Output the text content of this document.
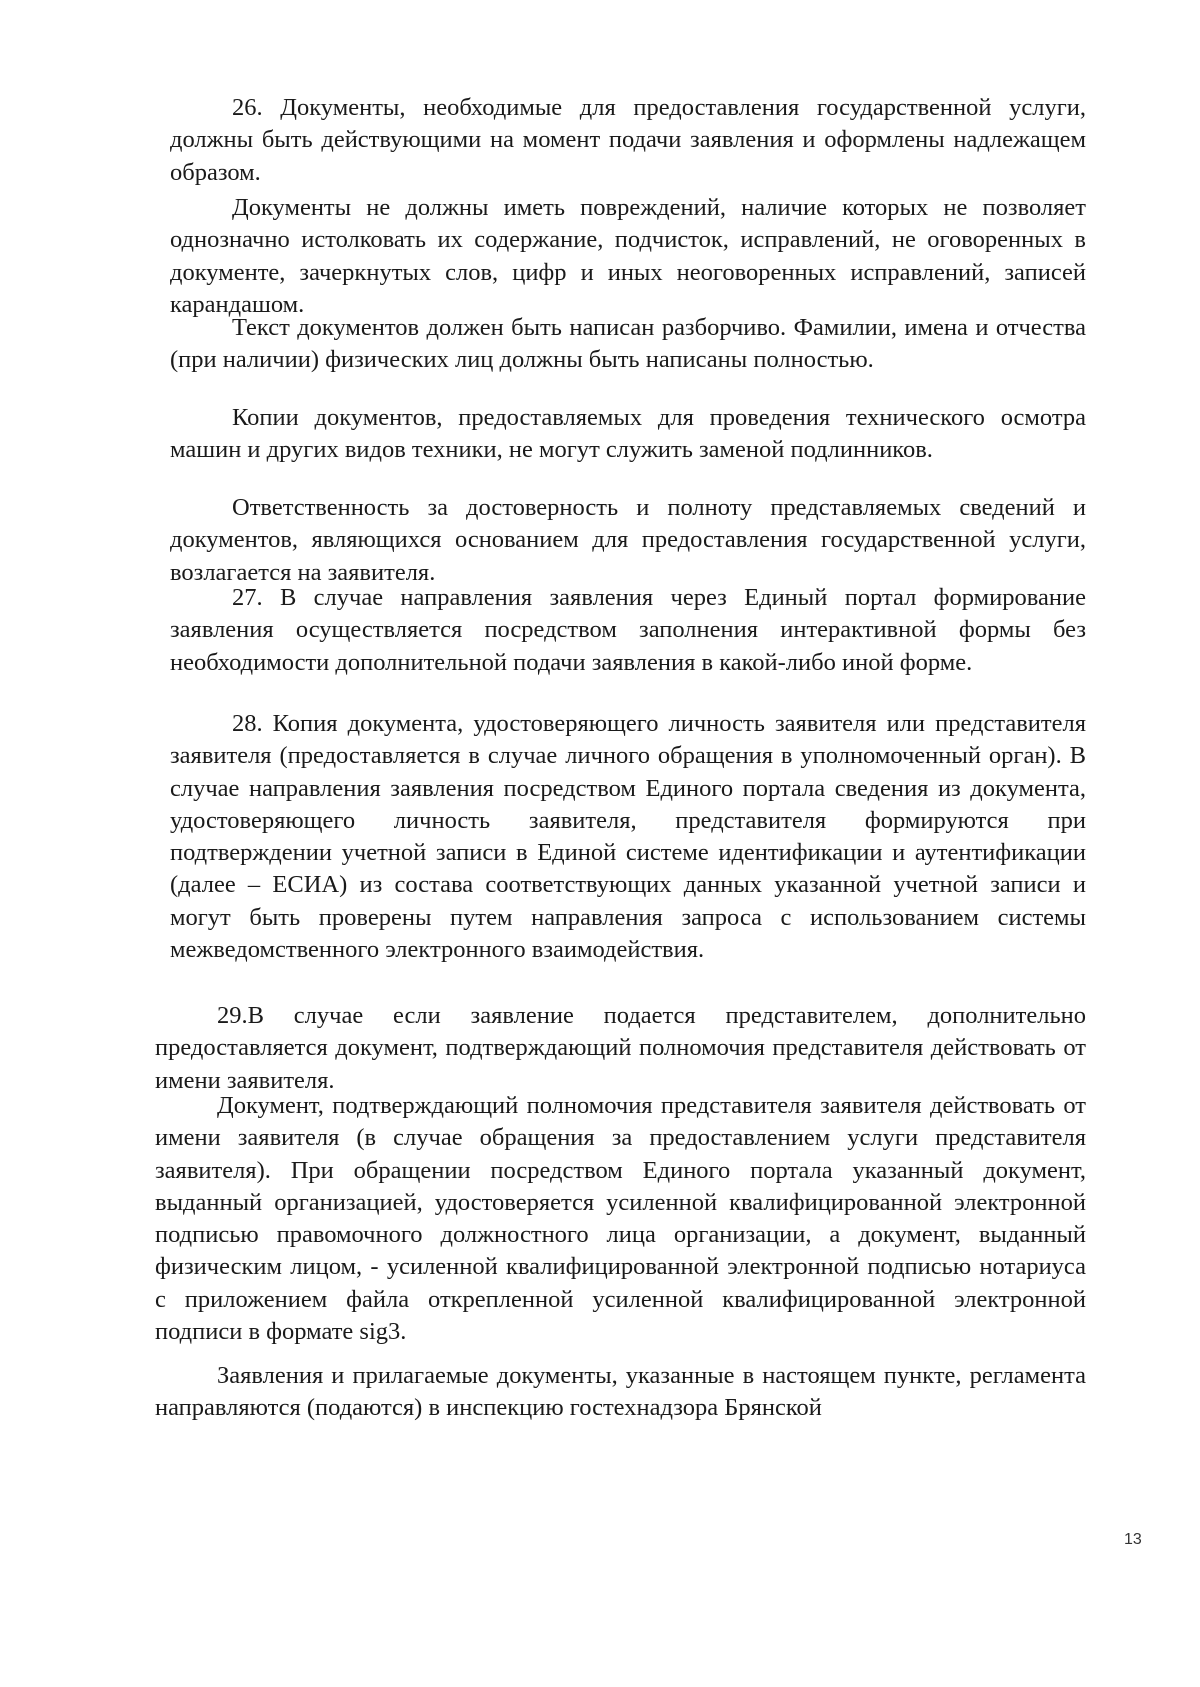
26. Документы, необходимые для предоставления государственной услуги, должны быть действующими на момент подачи заявления и оформлены надлежащем образом.

Документы не должны иметь повреждений, наличие которых не позволяет однозначно истолковать их содержание, подчисток, исправлений, не оговоренных в документе, зачеркнутых слов, цифр и иных неоговоренных исправлений, записей карандашом.

Текст документов должен быть написан разборчиво. Фамилии, имена и отчества (при наличии) физических лиц должны быть написаны полностью.

Копии документов, предоставляемых для проведения технического осмотра машин и других видов техники, не могут служить заменой подлинников.

Ответственность за достоверность и полноту представляемых сведений и документов, являющихся основанием для предоставления государственной услуги, возлагается на заявителя.

27. В случае направления заявления через Единый портал формирование заявления осуществляется посредством заполнения интерактивной формы без необходимости дополнительной подачи заявления в какой-либо иной форме.

28. Копия документа, удостоверяющего личность заявителя или представителя заявителя (предоставляется в случае личного обращения в уполномоченный орган). В случае направления заявления посредством Единого портала сведения из документа, удостоверяющего личность заявителя, представителя формируются при подтверждении учетной записи в Единой системе идентификации и аутентификации (далее – ЕСИА) из состава соответствующих данных указанной учетной записи и могут быть проверены путем направления запроса с использованием системы межведомственного электронного взаимодействия.

29.В случае если заявление подается представителем, дополнительно предоставляется документ, подтверждающий полномочия представителя действовать от имени заявителя.

Документ, подтверждающий полномочия представителя заявителя действовать от имени заявителя (в случае обращения за предоставлением услуги представителя заявителя). При обращении посредством Единого портала указанный документ, выданный организацией, удостоверяется усиленной квалифицированной электронной подписью правомочного должностного лица организации, а документ, выданный физическим лицом, - усиленной квалифицированной электронной подписью нотариуса с приложением файла открепленной усиленной квалифицированной электронной подписи в формате sig3.

Заявления и прилагаемые документы, указанные в настоящем пункте, регламента направляются (подаются) в инспекцию гостехнадзора Брянской

13
